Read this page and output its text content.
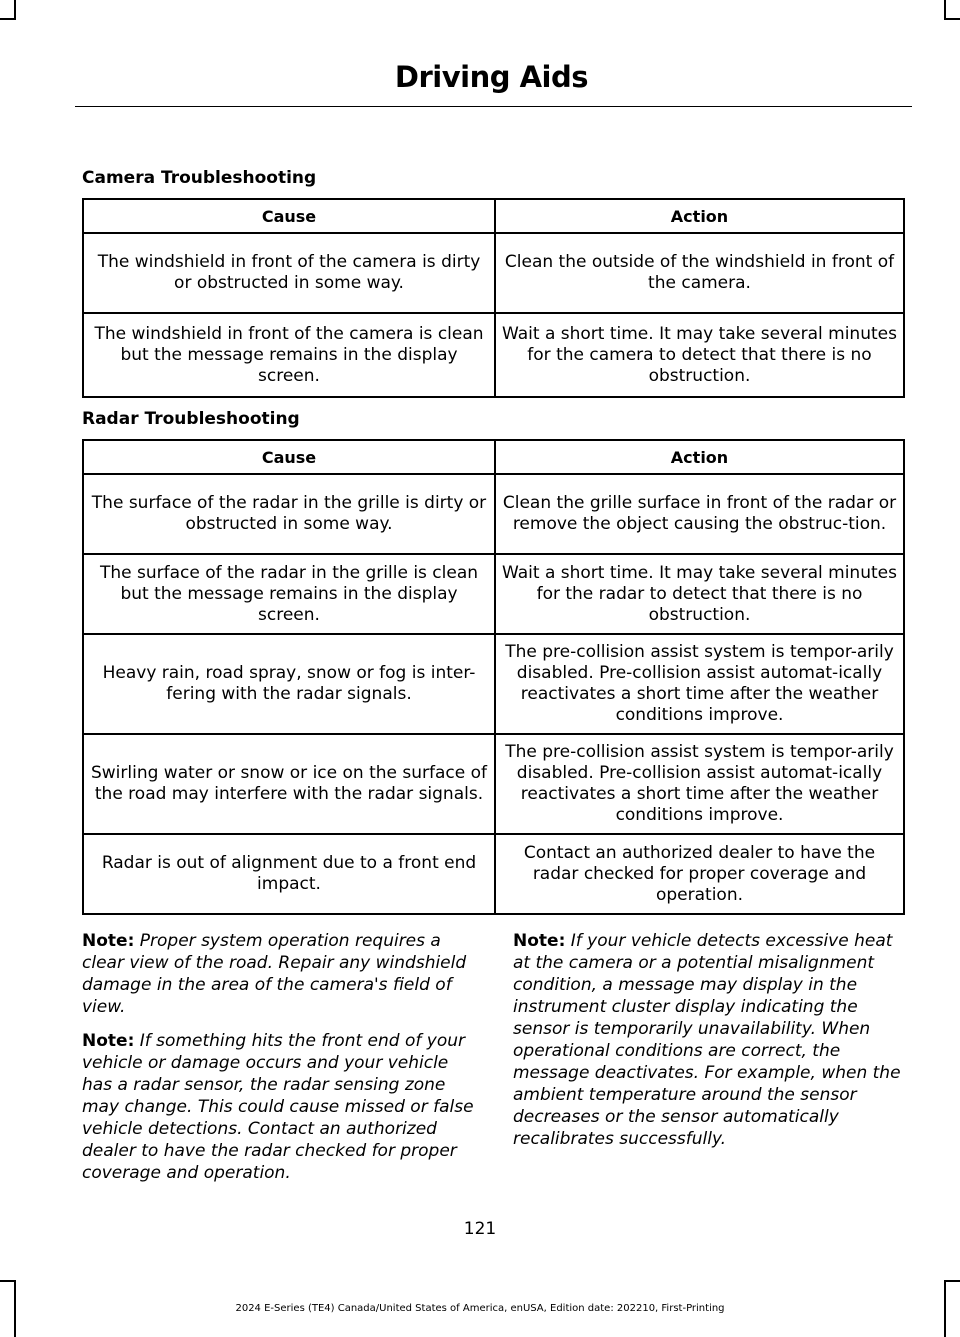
Driving Aids
Camera Troubleshooting
Cause	Action
The windshield in front of the camera is dirty or obstructed in some way.	Clean the outside of the windshield in front of the camera.
The windshield in front of the camera is clean but the message remains in the display screen.	Wait a short time. It may take several minutes for the camera to detect that there is no obstruction.
Radar Troubleshooting
Cause	Action
The surface of the radar in the grille is dirty or obstructed in some way.	Clean the grille surface in front of the radar or remove the object causing the obstruc-tion.
The surface of the radar in the grille is clean but the message remains in the display screen.	Wait a short time. It may take several minutes for the radar to detect that there is no obstruction.
Heavy rain, road spray, snow or fog is inter-fering with the radar signals.	The pre-collision assist system is tempor-arily disabled. Pre-collision assist automat-ically reactivates a short time after the weather conditions improve.
Swirling water or snow or ice on the surface of the road may interfere with the radar signals.	The pre-collision assist system is tempor-arily disabled. Pre-collision assist automat-ically reactivates a short time after the weather conditions improve.
Radar is out of alignment due to a front end impact.	Contact an authorized dealer to have the radar checked for proper coverage and operation.

Note: Proper system operation requires a clear view of the road. Repair any windshield damage in the area of the camera's field of view.

Note: If something hits the front end of your vehicle or damage occurs and your vehicle has a radar sensor, the radar sensing zone may change. This could cause missed or false vehicle detections. Contact an authorized dealer to have the radar checked for proper coverage and operation.

Note: If your vehicle detects excessive heat at the camera or a potential misalignment condition, a message may display in the instrument cluster display indicating the sensor is temporarily unavailability. When operational conditions are correct, the message deactivates. For example, when the ambient temperature around the sensor decreases or the sensor automatically recalibrates successfully.

121
2024 E-Series (TE4) Canada/United States of America, enUSA, Edition date: 202210, First-Printing
